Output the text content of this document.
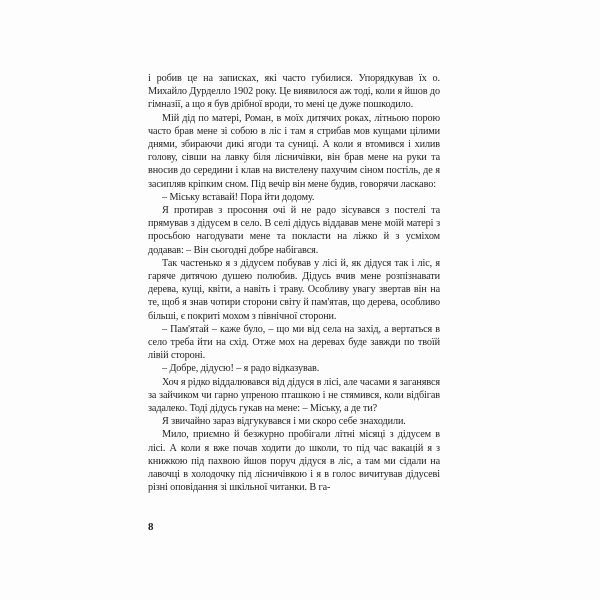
і робив це на записках, які часто губилися. Упорядкував їх о. Михайло Дурделло 1902 року. Це виявилося аж тоді, коли я йшов до гімназії, а що я був дрібної вроди, то мені це дуже пошкодило.

Мій дід по матері, Роман, в моїх дитячих роках, літньою порою часто брав мене зі собою в ліс і там я стрибав мов кущами цілими днями, збираючи дикі ягоди та суниці. А коли я втомився і хилив голову, сівши на лавку біля лісничівки, він брав мене на руки та вносив до середини і клав на вистелену пахучим сіном постіль, де я засипляв кріпким сном. Під вечір він мене будив, говорячи ласкаво:

– Міську вставай! Пора йти додому.

Я протирав з просоння очі й не радо зісувався з постелі та прямував з дідусем в село. В селі дідусь віддавав мене моїй матері з просьбою нагодувати мене та покласти на ліжко й з усміхом додавав: – Він сьогодні добре набігався.

Так частенько я з дідусем побував у лісі й, як дідуся так і ліс, я гаряче дитячою душею полюбив. Дідусь вчив мене розпізнавати дерева, кущі, квіти, а навіть і траву. Особливу увагу звертав він на те, щоб я знав чотири сторони світу й пам'ятав, що дерева, особливо більші, є покриті мохом з північної сторони.

– Пам'ятай – каже було, – що ми від села на захід, а вертаться в село треба йти на схід. Отже мох на деревах буде завжди по твоїй лівій стороні.

– Добре, дідусю! – я радо відказував.

Хоч я рідко віддалювався від дідуся в лісі, але часами я заганявся за зайчиком чи гарно упреною пташкою і не стямився, коли відбігав задалеко. Тоді дідусь гукав на мене: – Міську, а де ти?

Я звичайно зараз відгукувався і ми скоро себе знаходили.

Мило, приємно й безжурно пробігали літні місяці з дідусем в лісі. А коли я вже почав ходити до школи, то під час вакацій я з книжкою під пахвою йшов поруч дідуся в ліс, а там ми сідали на лавочці в холодочку під лісничівкою і я в голос вичитував дідусеві різні оповідання зі шкільної читанки. В га-

8
